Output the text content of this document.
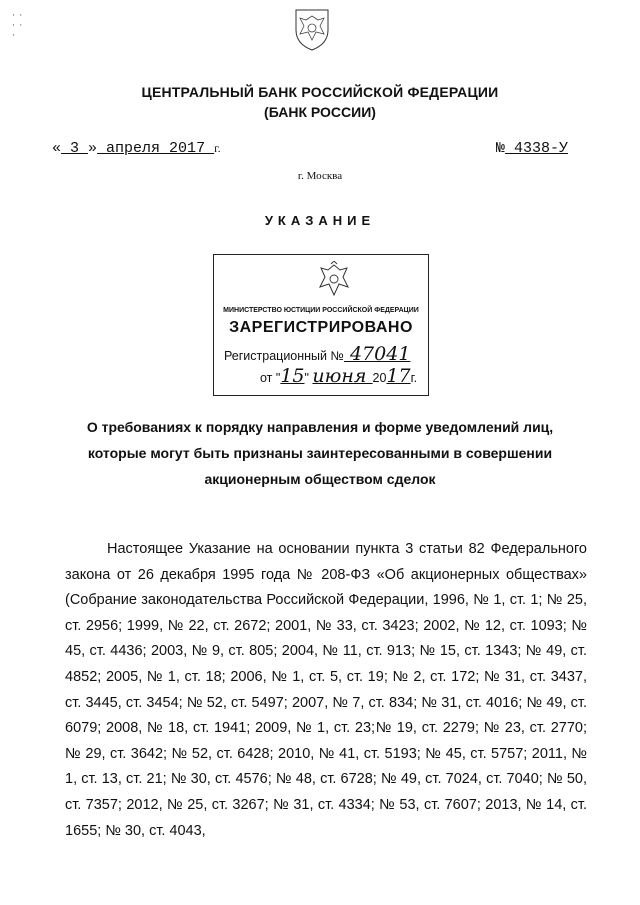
· ·
· ·
·
ЦЕНТРАЛЬНЫЙ БАНК РОССИЙСКОЙ ФЕДЕРАЦИИ
(БАНК РОССИИ)
« 3 » апреля 2017 г.	№ 4338-У
г. Москва
УКАЗАНИЕ
МИНИСТЕРСТВО ЮСТИЦИИ РОССИЙСКОЙ ФЕДЕРАЦИИ
ЗАРЕГИСТРИРОВАНО
Регистрационный № 47041
от "15" июня 2017г.
О требованиях к порядку направления и форме уведомлений лиц,
которые могут быть признаны заинтересованными в совершении
акционерным обществом сделок

Настоящее Указание на основании пункта 3 статьи 82 Федерального закона от 26 декабря 1995 года № 208-ФЗ «Об акционерных обществах» (Собрание законодательства Российской Федерации, 1996, № 1, ст. 1; № 25, ст. 2956; 1999, № 22, ст. 2672; 2001, № 33, ст. 3423; 2002, № 12, ст. 1093; № 45, ст. 4436; 2003, № 9, ст. 805; 2004, № 11, ст. 913; № 15, ст. 1343; № 49, ст. 4852; 2005, № 1, ст. 18; 2006, № 1, ст. 5, ст. 19; № 2, ст. 172; № 31, ст. 3437, ст. 3445, ст. 3454; № 52, ст. 5497; 2007, № 7, ст. 834; № 31, ст. 4016; № 49, ст. 6079; 2008, № 18, ст. 1941; 2009, № 1, ст. 23;№ 19, ст. 2279; № 23, ст. 2770; № 29, ст. 3642; № 52, ст. 6428; 2010, № 41, ст. 5193; № 45, ст. 5757; 2011, № 1, ст. 13, ст. 21; № 30, ст. 4576; № 48, ст. 6728; № 49, ст. 7024, ст. 7040; № 50, ст. 7357; 2012, № 25, ст. 3267; № 31, ст. 4334; № 53, ст. 7607; 2013, № 14, ст. 1655; № 30, ст. 4043,
